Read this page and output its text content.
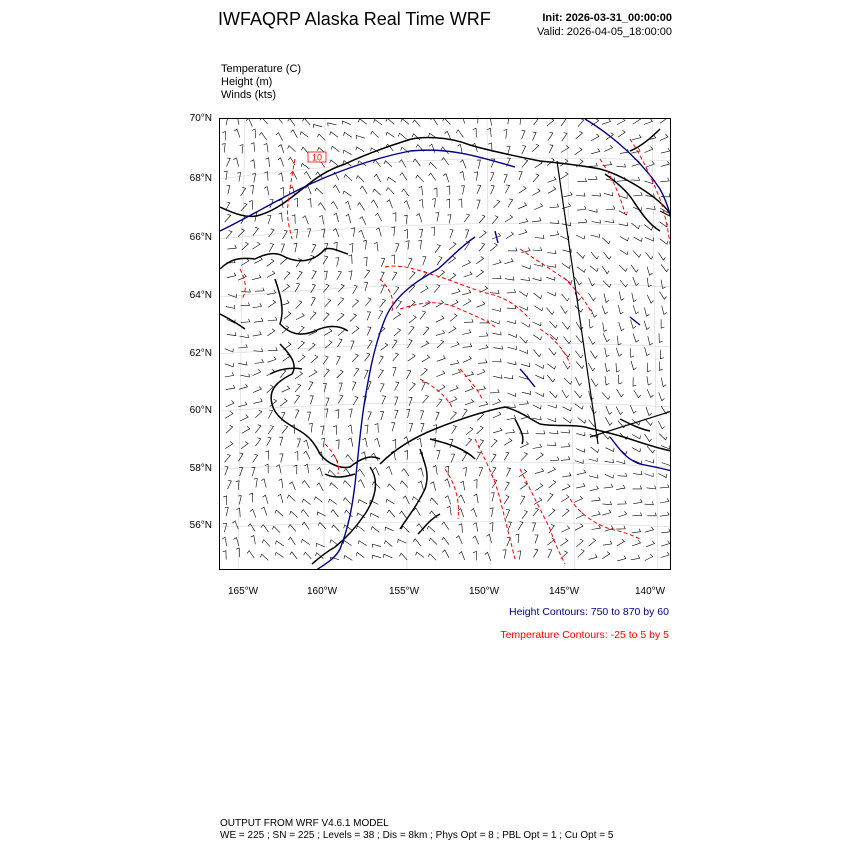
IWFAQRP Alaska Real Time WRF	Init: 2026-03-31_00:00:00
Valid: 2026-04-05_18:00:00
Temperature (C)
Height (m)
Winds (kts)
70°N
68°N
66°N
64°N
62°N
60°N
58°N
56°N
10
165°W	160°W	155°W	150°W	145°W	140°W
Height Contours: 750 to 870 by 60
Temperature Contours: -25 to 5 by 5
OUTPUT FROM WRF V4.6.1 MODEL
WE = 225 ; SN = 225 ; Levels = 38 ; Dis = 8km ; Phys Opt = 8 ; PBL Opt = 1 ; Cu Opt = 5
